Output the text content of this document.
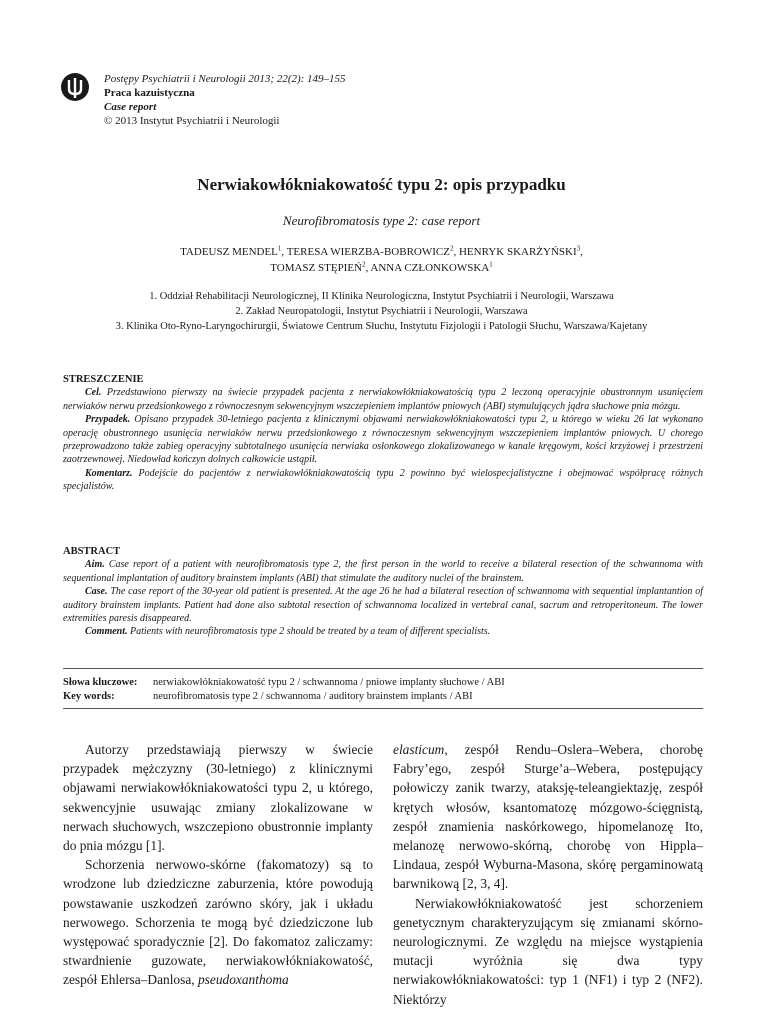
Postępy Psychiatrii i Neurologii 2013; 22(2): 149–155
Praca kazuistyczna
Case report
© 2013 Instytut Psychiatrii i Neurologii
Nerwiakowłókniakowatość typu 2: opis przypadku
Neurofibromatosis type 2: case report
TADEUSZ MENDEL$^1$, TERESA WIERZBA-BOBROWICZ$^2$, HENRYK SKARŻYŃSKI$^3$,
TOMASZ STĘPIEŃ$^2$, ANNA CZŁONKOWSKA$^1$
1. Oddział Rehabilitacji Neurologicznej, II Klinika Neurologiczna, Instytut Psychiatrii i Neurologii, Warszawa
2. Zakład Neuropatologii, Instytut Psychiatrii i Neurologii, Warszawa
3. Klinika Oto-Ryno-Laryngochirurgii, Światowe Centrum Słuchu, Instytutu Fizjologii i Patologii Słuchu, Warszawa/Kajetany
STRESZCZENIE

Cel. Przedstawiono pierwszy na świecie przypadek pacjenta z nerwiakowłókniakowatością typu 2 leczoną operacyjnie obustronnym usunięciem nerwiaków nerwu przedsionkowego z równoczesnym sekwencyjnym wszczepieniem implantów pniowych (ABI) stymulujących jądra słuchowe pnia mózgu.

Przypadek. Opisano przypadek 30-letniego pacjenta z klinicznymi objawami nerwiakowłókniakowatości typu 2, u którego w wieku 26 lat wykonano operację obustronnego usunięcia nerwiaków nerwu przedsionkowego z równoczesnym sekwencyjnym wszczepieniem implantów pniowych. U chorego przeprowadzono także zabieg operacyjny subtotalnego usunięcia nerwiaka osłonkowego zlokalizowanego w kanale kręgowym, kości krzyżowej i przestrzeni zaotrzewnowej. Niedowład kończyn dolnych całkowicie ustąpił.

Komentarz. Podejście do pacjentów z nerwiakowłókniakowatością typu 2 powinno być wielospecjalistyczne i obejmować współpracę różnych specjalistów.

ABSTRACT

Aim. Case report of a patient with neurofibromatosis type 2, the first person in the world to receive a bilateral resection of the schwannoma with sequentional implantation of auditory brainstem implants (ABI) that stimulate the auditory nuclei of the brainstem.

Case. The case report of the 30-year old patient is presented. At the age 26 he had a bilateral resection of schwannoma with sequential implantantion of auditory brainstem implants. Patient had done also subtotal resection of schwannoma localized in vertebral canal, sacrum and retroperitoneum. The lower extremities paresis disappeared.

Comment. Patients with neurofibromatosis type 2 should be treated by a team of different specialists.

Słowa kluczowe: nerwiakowłókniakowatość typu 2 / schwannoma / pniowe implanty słuchowe / ABI
Key words:	neurofibromatosis type 2 / schwannoma / auditory brainstem implants / ABI

Autorzy przedstawiają pierwszy w świecie przypadek mężczyzny (30-letniego) z klinicznymi objawami nerwiakowłókniakowatości typu 2, u którego, sekwencyjnie usuwając zmiany zlokalizowane w nerwach słuchowych, wszczepiono obustronnie implanty do pnia mózgu [1].

Schorzenia nerwowo-skórne (fakomatozy) są to wrodzone lub dziedziczne zaburzenia, które powodują powstawanie uszkodzeń zarówno skóry, jak i układu nerwowego. Schorzenia te mogą być dziedziczone lub występować sporadycznie [2]. Do fakomatoz zaliczamy: stwardnienie guzowate, nerwiakowłókniakowatość, zespół Ehlersa–Danlosa, pseudoxanthoma

elasticum, zespół Rendu–Oslera–Webera, chorobę Fabry’ego, zespół Sturge’a–Webera, postępujący połowiczy zanik twarzy, ataksję-teleangiektazję, zespół krętych włosów, ksantomatozę mózgowo-ścięgnistą, zespół znamienia naskórkowego, hipomelanozę Ito, melanozę nerwowo-skórną, chorobę von Hippla–Lindaua, zespół Wyburna-Masona, skórę pergaminowatą barwnikową [2, 3, 4].

Nerwiakowłókniakowatość jest schorzeniem genetycznym charakteryzującym się zmianami skórno-neurologicznymi. Ze względu na miejsce wystąpienia mutacji wyróżnia się dwa typy nerwiakowłókniakowatości: typ 1 (NF1) i typ 2 (NF2). Niektórzy
